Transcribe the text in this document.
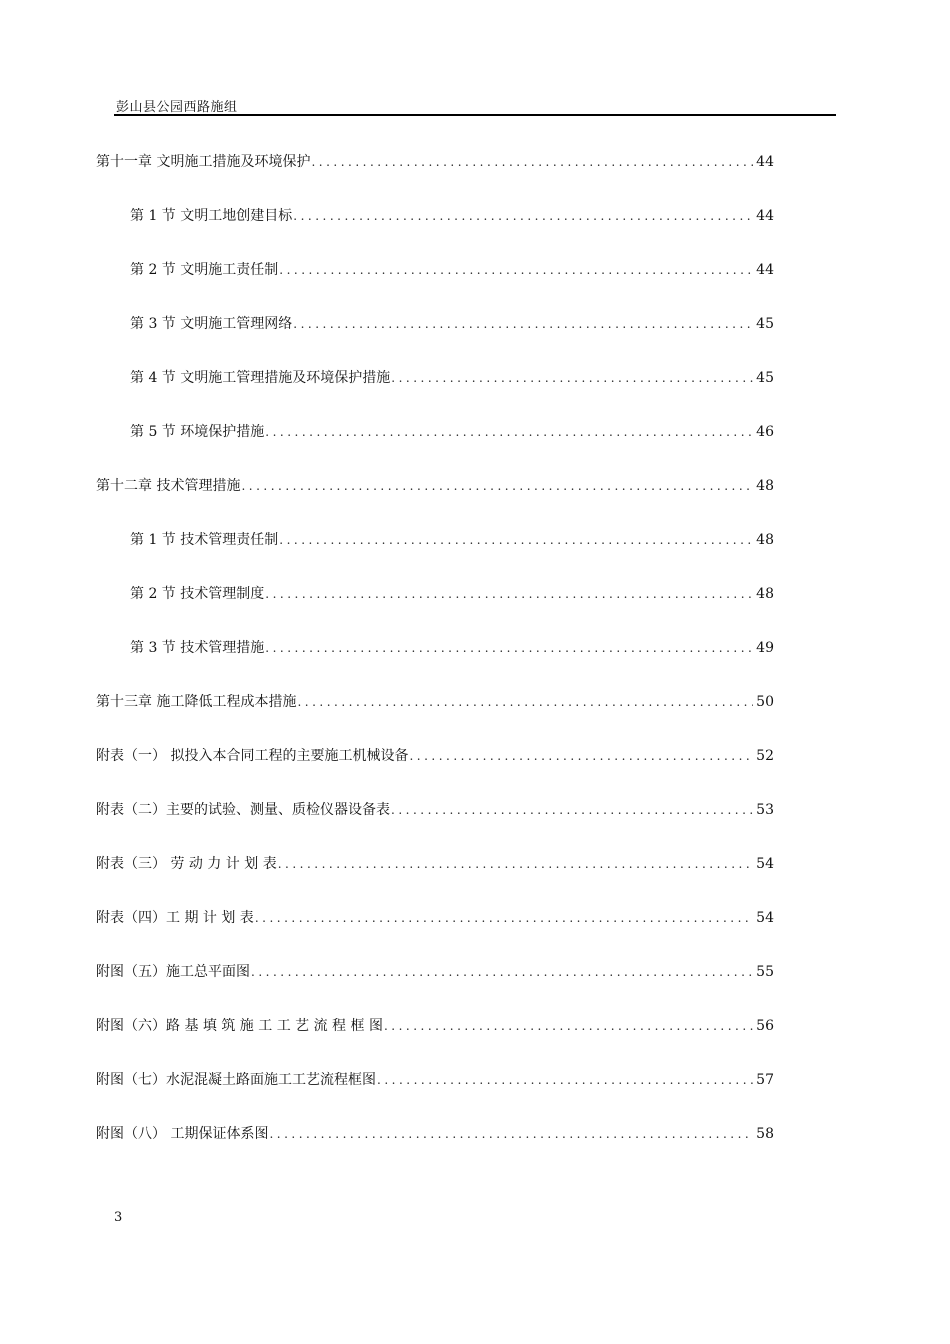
彭山县公园西路施组
第十一章 文明施工措施及环境保护 .....	44
第 1 节 文明工地创建目标 .....	44
第 2 节 文明施工责任制 .....	44
第 3 节 文明施工管理网络 .....	45
第 4 节 文明施工管理措施及环境保护措施 .....	45
第 5 节 环境保护措施 .....	46
第十二章 技术管理措施 .....	48
第 1 节 技术管理责任制 .....	48
第 2 节 技术管理制度 .....	48
第 3 节 技术管理措施 .....	49
第十三章 施工降低工程成本措施 .....	50
附表（一） 拟投入本合同工程的主要施工机械设备 .....	52
附表（二）主要的试验、测量、质检仪器设备表 .....	53
附表（三） 劳 动 力 计 划 表 .....	54
附表（四）工 期 计 划 表 .....	54
附图（五）施工总平面图 .....	55
附图（六）路 基 填 筑 施 工 工 艺 流 程 框 图 .....	56
附图（七）水泥混凝土路面施工工艺流程框图 .....	57
附图（八） 工期保证体系图 .....	58
3
